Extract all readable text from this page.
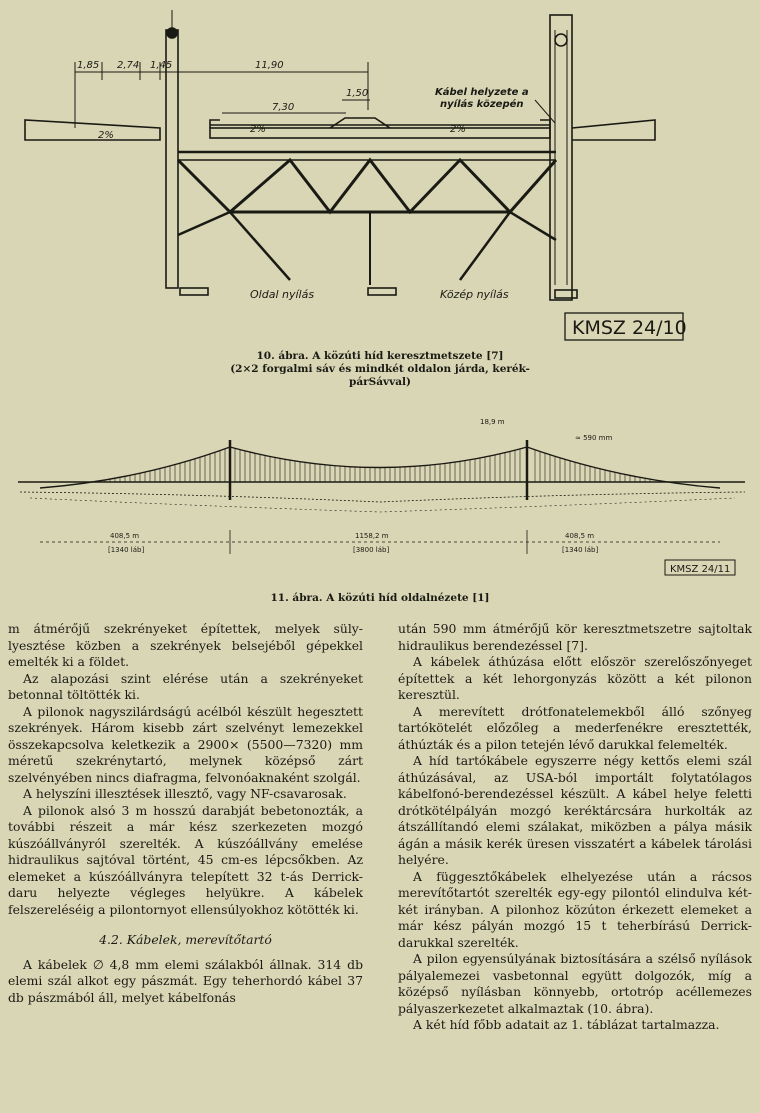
1,85 2,74 1,45	11,90
7,30
1,50
2%
2%	2%
Kábel helyzete a
nyílás közepén
Oldal nyílás	Közép nyílás
KMSZ 24/10
10. ábra. A közúti híd keresztmetszete [7]
(2×2 forgalmi sáv és mindkét oldalon járda, kerék-
párSávval)
18,9 m
≈ 590 mm
408,5 m
[1340 láb]
1158,2 m
[3800 láb]
408,5 m
[1340 láb]
KMSZ 24/11
11. ábra. A közúti híd oldalnézete [1]

m átmérőjű szekrényeket építettek, melyek süly-lyesztése közben a szekrények belsejéből gépekkel emelték ki a földet.

Az alapozási szint elérése után a szekrényeket betonnal töltötték ki.

A pilonok nagyszilárdságú acélból készült hegesztett szekrények. Három kisebb zárt szelvényt lemezekkel összekapcsolva keletkezik a 2900× (5500—7320) mm méretű szekrénytartó, melynek középső zárt szelvényében nincs diafragma, felvonóaknaként szolgál.

A helyszíni illesztések illesztő, vagy NF-csavarosak.

A pilonok alsó 3 m hosszú darabját bebetonozták, a további részeit a már kész szerkezeten mozgó kúszóállványról szerelték. A kúszóállvány emelése hidraulikus sajtóval történt, 45 cm-es lépcsőkben. Az elemeket a kúszóállványra telepített 32 t-ás Derrick-daru helyezte végleges helyükre. A kábelek felszereléséig a pilontornyot ellensúlyokhoz kötötték ki.

4.2. Kábelek, merevítőtartó

A kábelek ∅ 4,8 mm elemi szálakból állnak. 314 db elemi szál alkot egy pászmát. Egy teherhordó kábel 37 db pászmából áll, melyet kábelfonás

után 590 mm átmérőjű kör keresztmetszetre sajtoltak hidraulikus berendezéssel [7].

A kábelek áthúzása előtt először szerelőszőnyeget építettek a két lehorgonyzás között a két pilonon keresztül.

A merevített drótfonatelemekből álló szőnyeg tartókötelét előzőleg a mederfenékre eresztették, áthúzták és a pilon tetején lévő darukkal felemelték.

A híd tartókábele egyszerre négy kettős elemi szál áthúzásával, az USA-ból importált folytatólagos kábelfonó-berendezéssel készült. A kábel helye feletti drótkötélpályán mozgó keréktárcsára hurkolták az átszállítandó elemi szálakat, miközben a pálya másik ágán a másik kerék üresen visszatért a kábelek tárolási helyére.

A függesztőkábelek elhelyezése után a rácsos merevítőtartót szerelték egy-egy pilontól elindulva két-két irányban. A pilonhoz közúton érkezett elemeket a már kész pályán mozgó 15 t teherbírású Derrick-darukkal szerelték.

A pilon egyensúlyának biztosítására a szélső nyílások pályalemezei vasbetonnal együtt dolgozók, míg a középső nyílásban könnyebb, ortotróp acéllemezes pályaszerkezetet alkalmaztak (10. ábra).

A két híd főbb adatait az 1. táblázat tartalmazza.
